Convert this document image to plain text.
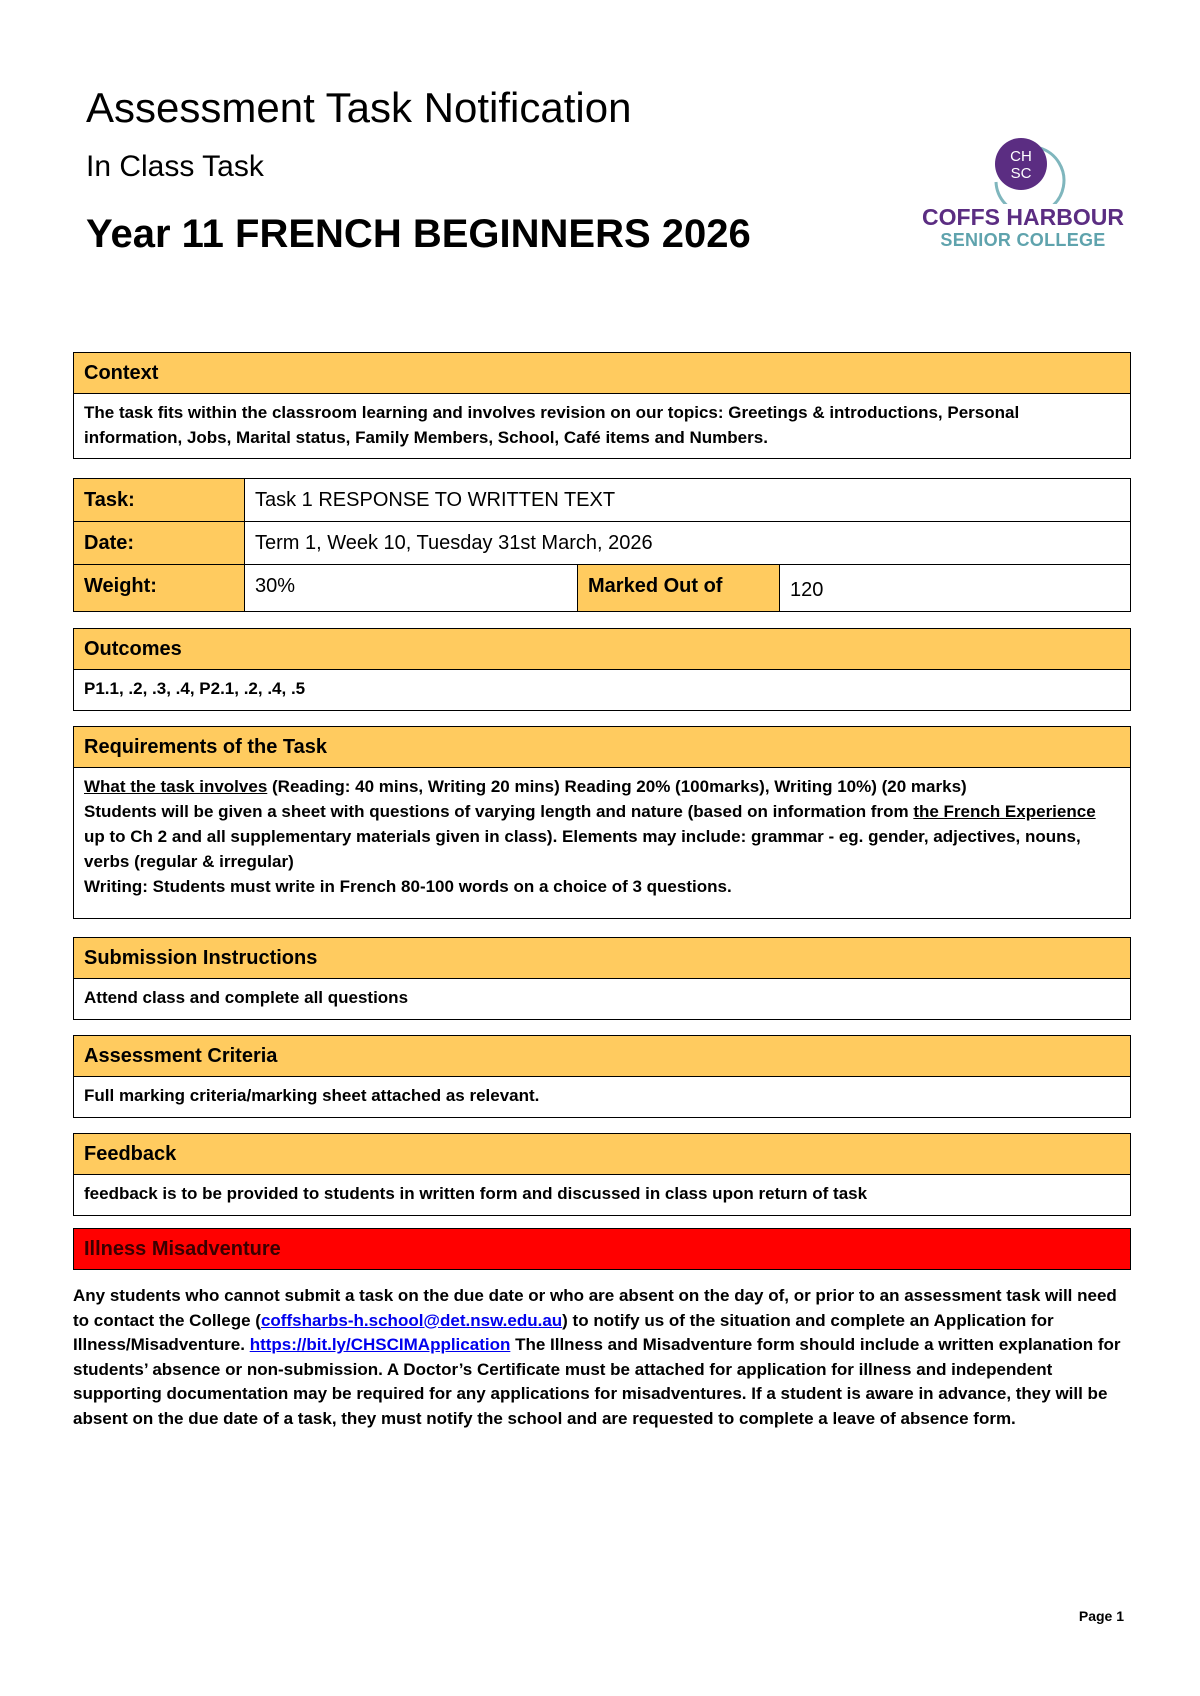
Assessment Task Notification
In Class Task
Year 11 FRENCH BEGINNERS 2026
CH
SC
COFFS HARBOUR
SENIOR COLLEGE
Context
The task fits within the classroom learning and involves revision on our topics: Greetings & introductions, Personal information, Jobs, Marital status, Family Members, School, Café items and Numbers.
Task:	Task 1 RESPONSE TO WRITTEN TEXT
Date:	Term 1, Week 10, Tuesday 31st March, 2026
Weight:	30%	Marked Out of	120
Outcomes
P1.1, .2, .3, .4, P2.1, .2, .4, .5
Requirements of the Task
What the task involves (Reading: 40 mins, Writing 20 mins) Reading 20% (100marks), Writing 10%) (20 marks)
Students will be given a sheet with questions of varying length and nature (based on information from the French Experience up to Ch 2 and all supplementary materials given in class). Elements may include: grammar - eg. gender, adjectives, nouns, verbs (regular & irregular)
Writing: Students must write in French 80-100 words on a choice of 3 questions.
Submission Instructions
Attend class and complete all questions
Assessment Criteria
Full marking criteria/marking sheet attached as relevant.
Feedback
feedback is to be provided to students in written form and discussed in class upon return of task
Illness Misadventure
Any students who cannot submit a task on the due date or who are absent on the day of, or prior to an assessment task will need to contact the College (coffsharbs-h.school@det.nsw.edu.au) to notify us of the situation and complete an Application for Illness/Misadventure. https://bit.ly/CHSCIMApplication The Illness and Misadventure form should include a written explanation for students’ absence or non-submission. A Doctor’s Certificate must be attached for application for illness and independent supporting documentation may be required for any applications for misadventures. If a student is aware in advance, they will be absent on the due date of a task, they must notify the school and are requested to complete a leave of absence form.
Page 1
